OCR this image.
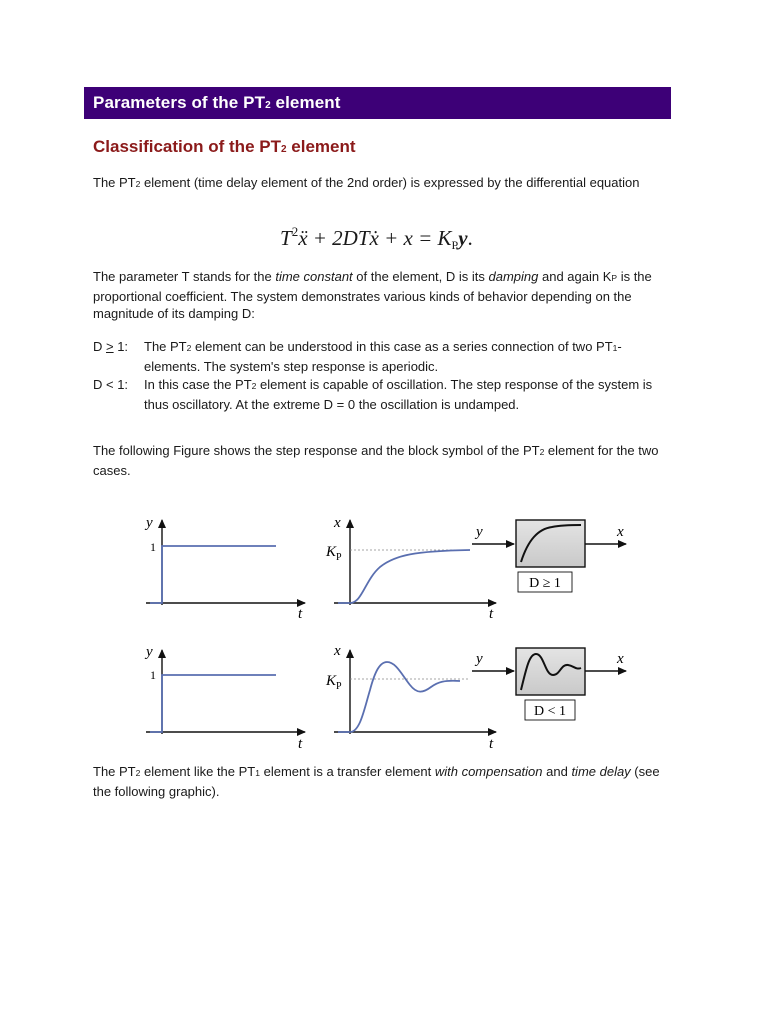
Parameters of the PT2 element
Classification of the PT2 element

The PT2 element (time delay element of the 2nd order) is expressed by the differential equation

$T^2ẍ$ + 2DTẋ + x = KPy.

The parameter T stands for the time constant of the element, D is its damping and again KP is the proportional coefficient. The system demonstrates various kinds of behavior depending on the magnitude of its damping D:

D > 1:	The PT2 element can be understood in this case as a series connection of two PT1-elements. The system's step response is aperiodic.
D < 1:	In this case the PT2 element is capable of oscillation. The step response of the system is thus oscillatory. At the extreme D = 0 the oscillation is undamped.

The following Figure shows the step response and the block symbol of the PT2 element for the two cases.

y
1
t
x
$K_P$
t
y	x
D ≥ 1
y
1
t
x
$K_P$
t
y	x
D < 1

The PT2 element like the PT1 element is a transfer element with compensation and time delay (see the following graphic).
